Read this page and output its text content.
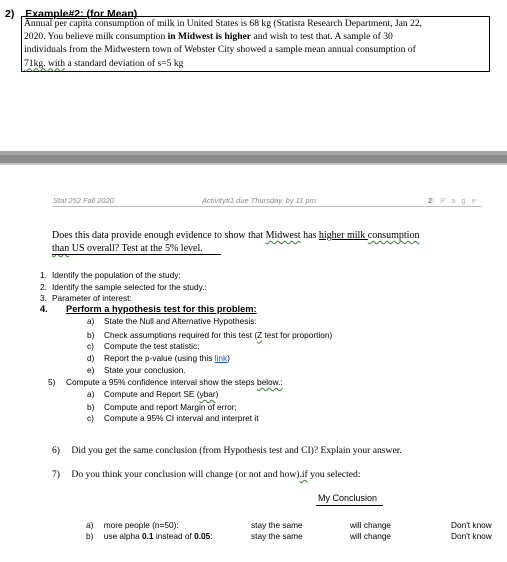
2) Example#2: (for Mean)
Annual per capita consumption of milk in United States is 68 kg (Statista Research Department, Jan 22,
2020. You believe milk consumption in Midwest is higher and wish to test that. A sample of 30
individuals from the Midwestern town of Webster City showed a sample mean annual consumption of
71kg. with a standard deviation of s=5 kg
Stat 252 Fall 2020	Activity#1 due Thursday, by 11 pm	2| P a g e
Does this data provide enough evidence to show that Midwest has higher milk consumption
than US overall? Test at the 5% level.
1. Identify the population of the study:
2. Identify the sample selected for the study.:
3. Parameter of interest:
4. Perform a hypothesis test for this problem:
a) State the Null and Alternative Hypothesis:
b) Check assumptions required for this test (Z test for proportion)
c) Compute the test statistic;
d) Report the p-value (using this link)
e) State your conclusion.
5) Compute a 95% confidence interval show the steps below.:
a) Compute and Report SE (ybar)
b) Compute and report Margin of error;
c) Compute a 95% CI interval and interpret it
6) Did you get the same conclusion (from Hypothesis test and CI)? Explain your answer.
7) Do you think your conclusion will change (or not and how).if you selected:
My Conclusion
a) more people (n=50):	stay the same	will change	Don't know
b) use alpha 0.1 instead of 0.05:	stay the same	will change	Don't know
